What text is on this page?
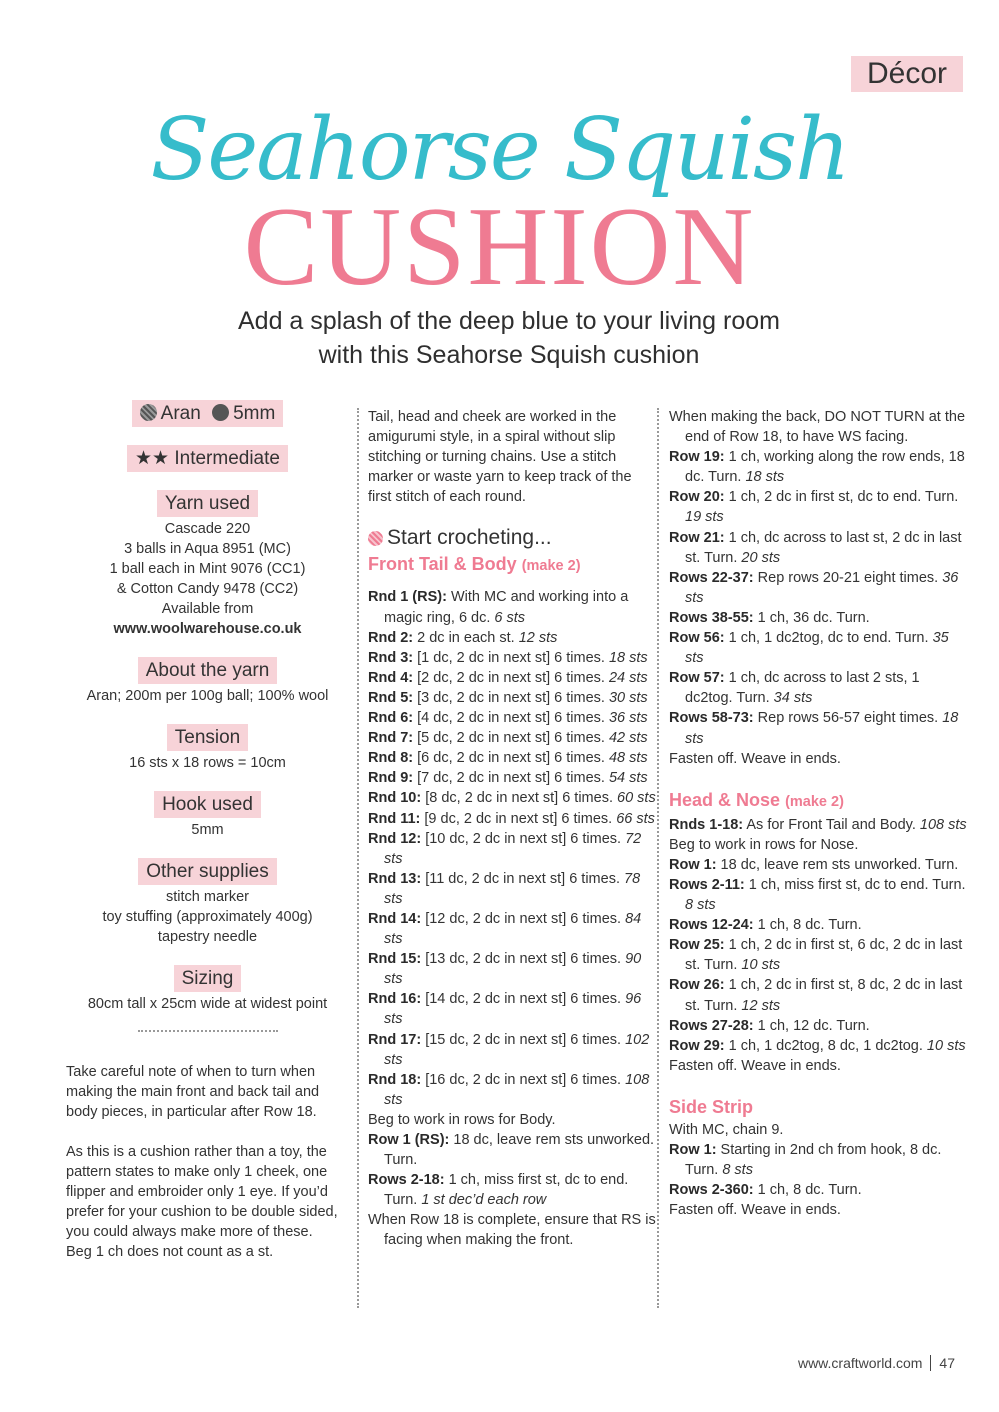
Décor
Seahorse Squish
CUSHION
Add a splash of the deep blue to your living room
with this Seahorse Squish cushion
Aran 5mm
★★ Intermediate
Yarn used

Cascade 220

3 balls in Aqua 8951 (MC)

1 ball each in Mint 9076 (CC1)

& Cotton Candy 9478 (CC2)

Available from

www.woolwarehouse.co.uk

About the yarn

Aran; 200m per 100g ball; 100% wool

Tension

16 sts x 18 rows = 10cm

Hook used

5mm

Other supplies

stitch marker

toy stuffing (approximately 400g)

tapestry needle

Sizing

80cm tall x 25cm wide at widest point

Take careful note of when to turn when making the main front and back tail and body pieces, in particular after Row 18.

As this is a cushion rather than a toy, the pattern states to make only 1 cheek, one flipper and embroider only 1 eye. If you’d prefer for your cushion to be double sided, you could always make more of these.

Beg 1 ch does not count as a st.

Tail, head and cheek are worked in the amigurumi style, in a spiral without slip stitching or turning chains. Use a stitch marker or waste yarn to keep track of the first stitch of each round.

Start crocheting...

Front Tail & Body (make 2)

Rnd 1 (RS): With MC and working into a magic ring, 6 dc. 6 sts

Rnd 2: 2 dc in each st. 12 sts

Rnd 3: [1 dc, 2 dc in next st] 6 times. 18 sts

Rnd 4: [2 dc, 2 dc in next st] 6 times. 24 sts

Rnd 5: [3 dc, 2 dc in next st] 6 times. 30 sts

Rnd 6: [4 dc, 2 dc in next st] 6 times. 36 sts

Rnd 7: [5 dc, 2 dc in next st] 6 times. 42 sts

Rnd 8: [6 dc, 2 dc in next st] 6 times. 48 sts

Rnd 9: [7 dc, 2 dc in next st] 6 times. 54 sts

Rnd 10: [8 dc, 2 dc in next st] 6 times. 60 sts

Rnd 11: [9 dc, 2 dc in next st] 6 times. 66 sts

Rnd 12: [10 dc, 2 dc in next st] 6 times. 72 sts

Rnd 13: [11 dc, 2 dc in next st] 6 times. 78 sts

Rnd 14: [12 dc, 2 dc in next st] 6 times. 84 sts

Rnd 15: [13 dc, 2 dc in next st] 6 times. 90 sts

Rnd 16: [14 dc, 2 dc in next st] 6 times. 96 sts

Rnd 17: [15 dc, 2 dc in next st] 6 times. 102 sts

Rnd 18: [16 dc, 2 dc in next st] 6 times. 108 sts

Beg to work in rows for Body.

Row 1 (RS): 18 dc, leave rem sts unworked. Turn.

Rows 2-18: 1 ch, miss first st, dc to end. Turn. 1 st dec’d each row

When Row 18 is complete, ensure that RS is facing when making the front.

When making the back, DO NOT TURN at the end of Row 18, to have WS facing.

Row 19: 1 ch, working along the row ends, 18 dc. Turn. 18 sts

Row 20: 1 ch, 2 dc in first st, dc to end. Turn. 19 sts

Row 21: 1 ch, dc across to last st, 2 dc in last st. Turn. 20 sts

Rows 22-37: Rep rows 20-21 eight times. 36 sts

Rows 38-55: 1 ch, 36 dc. Turn.

Row 56: 1 ch, 1 dc2tog, dc to end. Turn. 35 sts

Row 57: 1 ch, dc across to last 2 sts, 1 dc2tog. Turn. 34 sts

Rows 58-73: Rep rows 56-57 eight times. 18 sts

Fasten off. Weave in ends.

Head & Nose (make 2)

Rnds 1-18: As for Front Tail and Body. 108 sts

Beg to work in rows for Nose.

Row 1: 18 dc, leave rem sts unworked. Turn.

Rows 2-11: 1 ch, miss first st, dc to end. Turn. 8 sts

Rows 12-24: 1 ch, 8 dc. Turn.

Row 25: 1 ch, 2 dc in first st, 6 dc, 2 dc in last st. Turn. 10 sts

Row 26: 1 ch, 2 dc in first st, 8 dc, 2 dc in last st. Turn. 12 sts

Rows 27-28: 1 ch, 12 dc. Turn.

Row 29: 1 ch, 1 dc2tog, 8 dc, 1 dc2tog. 10 sts

Fasten off. Weave in ends.

Side Strip

With MC, chain 9.

Row 1: Starting in 2nd ch from hook, 8 dc. Turn. 8 sts

Rows 2-360: 1 ch, 8 dc. Turn.

Fasten off. Weave in ends.

www.craftworld.com 47
